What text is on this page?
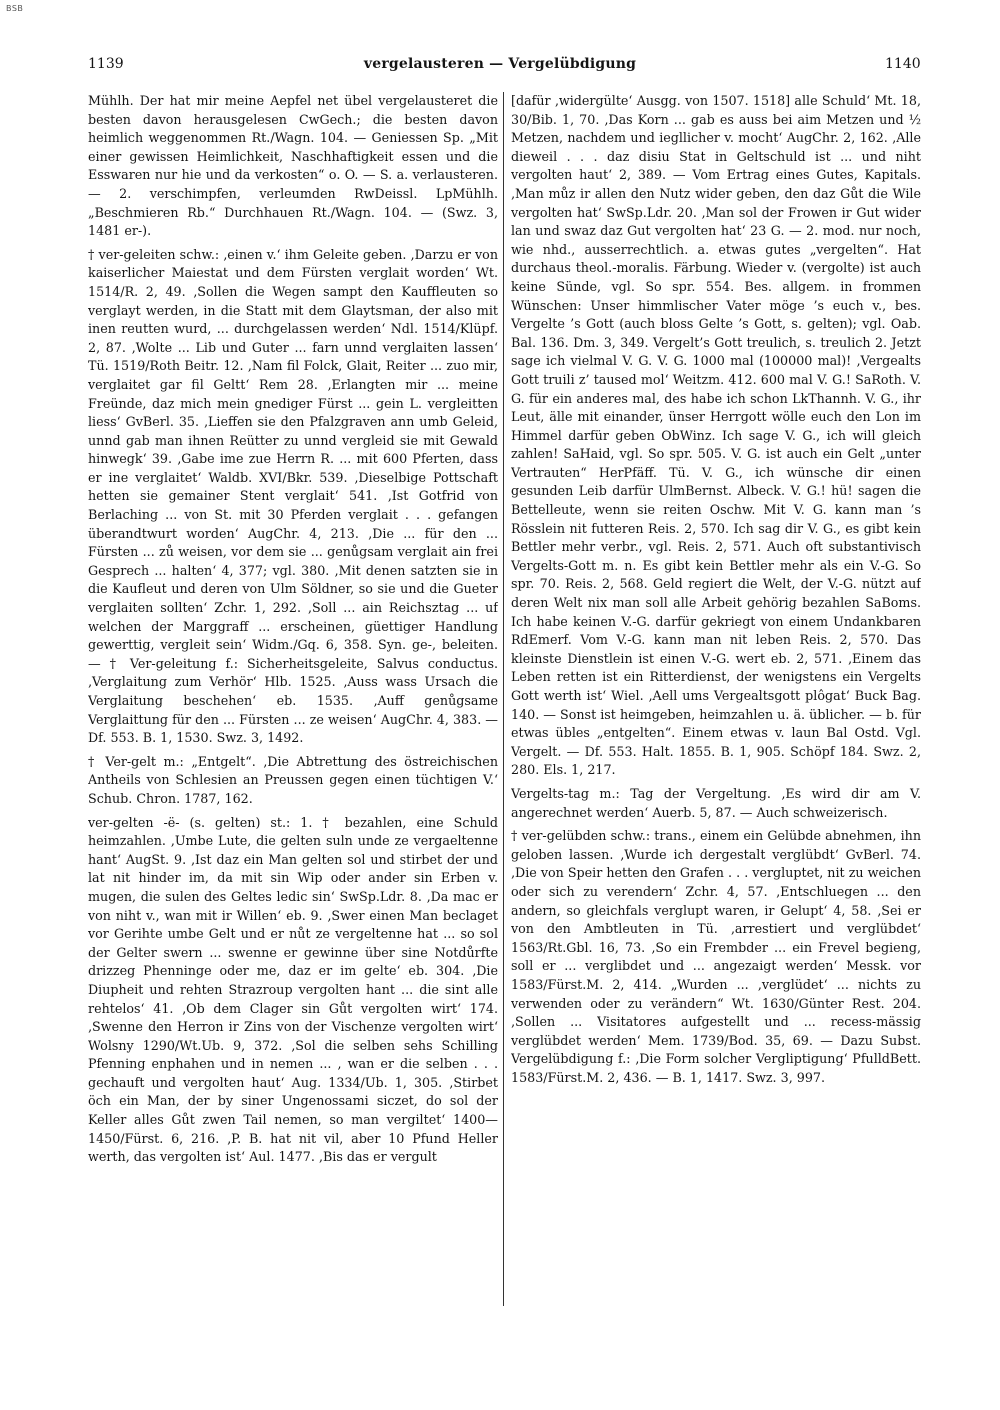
BSB
1139	vergelausteren — Vergelübdigung	1140

Mühlh. Der hat mir meine Aepfel net übel vergelausteret die besten davon herausgelesen CwGech.; die besten davon heimlich weggenommen Rt./Wagn. 104. — Geniessen Sp. „Mit einer gewissen Heimlichkeit, Naschhaftigkeit essen und die Esswaren nur hie und da verkosten“ o. O. — S. a. verlausteren. — 2. verschimpfen, verleumden RwDeissl. LpMühlh. „Beschmieren Rb.“ Durchhauen Rt./Wagn. 104. — (Swz. 3, 1481 er-).

† ver-geleiten schw.: ‚einen v.‘ ihm Geleite geben. ‚Darzu er von kaiserlicher Maiestat und dem Fürsten verglait worden‘ Wt. 1514/R. 2, 49. ‚Sollen die Wegen sampt den Kauffleuten so verglayt werden, in die Statt mit dem Glaytsman, der also mit inen reutten wurd, ... durchgelassen werden‘ Ndl. 1514/Klüpf. 2, 87. ‚Wolte ... Lib und Guter ... farn unnd verglaiten lassen‘ Tü. 1519/Roth Beitr. 12. ‚Nam fil Folck, Glait, Reiter ... zuo mir, verglaitet gar fil Geltt‘ Rem 28. ‚Erlangten mir ... meine Freünde, daz mich mein gnediger Fürst ... gein L. vergleitten liess‘ GvBerl. 35. ‚Lieffen sie den Pfalzgraven ann umb Geleid, unnd gab man ihnen Reütter zu unnd vergleid sie mit Gewald hinwegk‘ 39. ‚Gabe ime zue Herrn R. ... mit 600 Pferten, dass er ine verglaitet‘ Waldb. XVI/Bkr. 539. ‚Dieselbige Pottschaft hetten sie gemainer Stent verglait‘ 541. ‚Ist Gotfrid von Berlaching ... von St. mit 30 Pferden verglait . . . gefangen überandtwurt worden‘ AugChr. 4, 213. ‚Die ... für den ... Fürsten ... zů weisen, vor dem sie ... genůgsam verglait ain frei Gesprech ... halten‘ 4, 377; vgl. 380. ‚Mit denen satzten sie in die Kaufleut und deren von Ulm Söldner, so sie und die Gueter verglaiten sollten‘ Zchr. 1, 292. ‚Soll ... ain Reichsztag ... uf welchen der Marggraff ... erscheinen, güettiger Handlung gewerttig, vergleit sein‘ Widm./Gq. 6, 358. Syn. ge-, beleiten. — † Ver-geleitung f.: Sicherheitsgeleite, Salvus conductus. ‚Verglaitung zum Verhör‘ Hlb. 1525. ‚Auss wass Ursach die Verglaitung beschehen‘ eb. 1535. ‚Auff genůgsame Verglaittung für den ... Fürsten ... ze weisen‘ AugChr. 4, 383. — Df. 553. B. 1, 1530. Swz. 3, 1492.

† Ver-gelt m.: „Entgelt“. ‚Die Abtrettung des östreichischen Antheils von Schlesien an Preussen gegen einen tüchtigen V.‘ Schub. Chron. 1787, 162.

ver-gelten -ë- (s. gelten) st.: 1. † bezahlen, eine Schuld heimzahlen. ‚Umbe Lute, die gelten suln unde ze vergaeltenne hant‘ AugSt. 9. ‚Ist daz ein Man gelten sol und stirbet der und lat nit hinder im, da mit sin Wip oder ander sin Erben v. mugen, die sulen des Geltes ledic sin‘ SwSp.Ldr. 8. ‚Da mac er von niht v., wan mit ir Willen‘ eb. 9. ‚Swer einen Man beclaget vor Gerihte umbe Gelt und er nůt ze vergeltenne hat ... so sol der Gelter swern ... swenne er gewinne über sine Notdůrfte drizzeg Phenninge oder me, daz er im gelte‘ eb. 304. ‚Die Diupheit und rehten Strazroup vergolten hant ... die sint alle rehtelos‘ 41. ‚Ob dem Clager sin Gůt vergolten wirt‘ 174. ‚Swenne den Herron ir Zins von der Vischenze vergolten wirt‘ Wolsny 1290/Wt.Ub. 9, 372. ‚Sol die selben sehs Schilling Pfenning enphahen und in nemen ... , wan er die selben . . . gechauft und vergolten haut‘ Aug. 1334/Ub. 1, 305. ‚Stirbet öch ein Man, der by siner Ungenossami siczet, do sol der Keller alles Gůt zwen Tail nemen, so man vergiltet‘ 1400—1450/Fürst. 6, 216. ‚P. B. hat nit vil, aber 10 Pfund Heller werth, das vergolten ist‘ Aul. 1477. ‚Bis das er vergult

[dafür ‚widergülte‘ Ausgg. von 1507. 1518] alle Schuld‘ Mt. 18, 30/Bib. 1, 70. ‚Das Korn ... gab es auss bei aim Metzen und ½ Metzen, nachdem und iegllicher v. mocht‘ AugChr. 2, 162. ‚Alle dieweil . . . daz disiu Stat in Geltschuld ist ... und niht vergolten haut‘ 2, 389. — Vom Ertrag eines Gutes, Kapitals. ‚Man můz ir allen den Nutz wider geben, den daz Gůt die Wile vergolten hat‘ SwSp.Ldr. 20. ‚Man sol der Frowen ir Gut wider lan und swaz daz Gut vergolten hat‘ 23 G. — 2. mod. nur noch, wie nhd., ausserrechtlich. a. etwas gutes „vergelten“. Hat durchaus theol.-moralis. Färbung. Wieder v. (vergolte) ist auch keine Sünde, vgl. So spr. 554. Bes. allgem. in frommen Wünschen: Unser himmlischer Vater möge ’s euch v., bes. Vergelte ’s Gott (auch bloss Gelte ’s Gott, s. gelten); vgl. Oab. Bal. 136. Dm. 3, 349. Vergelt’s Gott treulich, s. treulich 2. Jetzt sage ich vielmal V. G. V. G. 1000 mal (100000 mal)! ‚Vergealts Gott truili z’ taused mol‘ Weitzm. 412. 600 mal V. G.! SaRoth. V. G. für ein anderes mal, des habe ich schon LkThannh. V. G., ihr Leut, älle mit einander, ünser Herrgott wölle euch den Lon im Himmel darfür geben ObWinz. Ich sage V. G., ich will gleich zahlen! SaHaid, vgl. So spr. 505. V. G. ist auch ein Gelt „unter Vertrauten“ HerPfäff. Tü. V. G., ich wünsche dir einen gesunden Leib darfür UlmBernst. Albeck. V. G.! hü! sagen die Bettelleute, wenn sie reiten Oschw. Mit V. G. kann man ’s Rösslein nit futteren Reis. 2, 570. Ich sag dir V. G., es gibt kein Bettler mehr verbr., vgl. Reis. 2, 571. Auch oft substantivisch Vergelts-Gott m. n. Es gibt kein Bettler mehr als ein V.-G. So spr. 70. Reis. 2, 568. Geld regiert die Welt, der V.-G. nützt auf deren Welt nix man soll alle Arbeit gehörig bezahlen SaBoms. Ich habe keinen V.-G. darfür gekriegt von einem Undankbaren RdEmerf. Vom V.-G. kann man nit leben Reis. 2, 570. Das kleinste Dienstlein ist einen V.-G. wert eb. 2, 571. ‚Einem das Leben retten ist ein Ritterdienst, der wenigstens ein Vergelts Gott werth ist‘ Wiel. ‚Aell ums Vergealtsgott plôgat‘ Buck Bag. 140. — Sonst ist heimgeben, heimzahlen u. ä. üblicher. — b. für etwas übles „entgelten“. Einem etwas v. laun Bal Ostd. Vgl. Vergelt. — Df. 553. Halt. 1855. B. 1, 905. Schöpf 184. Swz. 2, 280. Els. 1, 217.

Vergelts-tag m.: Tag der Vergeltung. ‚Es wird dir am V. angerechnet werden‘ Auerb. 5, 87. — Auch schweizerisch.

† ver-gelübden schw.: trans., einem ein Gelübde abnehmen, ihn geloben lassen. ‚Wurde ich dergestalt verglübdt‘ GvBerl. 74. ‚Die von Speir hetten den Grafen . . . vergluptet, nit zu weichen oder sich zu verendern‘ Zchr. 4, 57. ‚Entschluegen ... den andern, so gleichfals verglupt waren, ir Gelupt‘ 4, 58. ‚Sei er von den Ambtleuten in Tü. ‚arrestiert und verglübdet‘ 1563/Rt.Gbl. 16, 73. ‚So ein Frembder ... ein Frevel begieng, soll er ... verglibdet und ... angezaigt werden‘ Messk. vor 1583/Fürst.M. 2, 414. „Wurden ... ‚verglüdet‘ ... nichts zu verwenden oder zu verändern“ Wt. 1630/Günter Rest. 204. ‚Sollen ... Visitatores aufgestellt und ... recess-mässig verglübdet werden‘ Mem. 1739/Bod. 35, 69. — Dazu Subst. Vergelübdigung f.: ‚Die Form solcher Vergliptigung‘ PfulldBett. 1583/Fürst.M. 2, 436. — B. 1, 1417. Swz. 3, 997.
